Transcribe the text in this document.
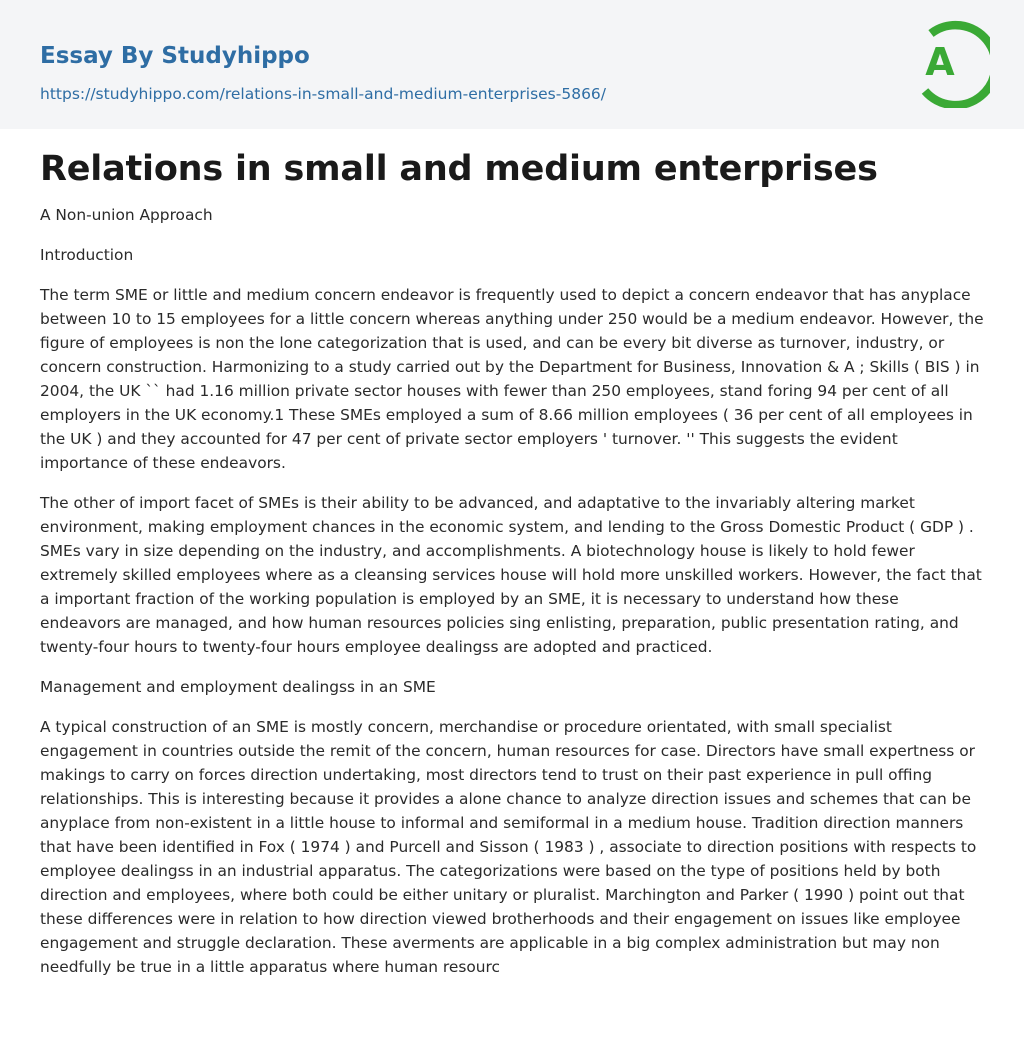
Essay By Studyhippo
https://studyhippo.com/relations-in-small-and-medium-enterprises-5866/
A
Relations in small and medium enterprises

A Non-union Approach

Introduction

The term SME or little and medium concern endeavor is frequently used to depict a concern endeavor that has anyplace between 10 to 15 employees for a little concern whereas anything under 250 would be a medium endeavor. However, the figure of employees is non the lone categorization that is used, and can be every bit diverse as turnover, industry, or concern construction. Harmonizing to a study carried out by the Department for Business, Innovation & A ; Skills ( BIS ) in 2004, the UK `` had 1.16 million private sector houses with fewer than 250 employees, stand foring 94 per cent of all employers in the UK economy.1 These SMEs employed a sum of 8.66 million employees ( 36 per cent of all employees in the UK ) and they accounted for 47 per cent of private sector employers ' turnover. '' This suggests the evident importance of these endeavors.

The other of import facet of SMEs is their ability to be advanced, and adaptative to the invariably altering market environment, making employment chances in the economic system, and lending to the Gross Domestic Product ( GDP ) . SMEs vary in size depending on the industry, and accomplishments. A biotechnology house is likely to hold fewer extremely skilled employees where as a cleansing services house will hold more unskilled workers. However, the fact that a important fraction of the working population is employed by an SME, it is necessary to understand how these endeavors are managed, and how human resources policies sing enlisting, preparation, public presentation rating, and twenty-four hours to twenty-four hours employee dealingss are adopted and practiced.

Management and employment dealingss in an SME

A typical construction of an SME is mostly concern, merchandise or procedure orientated, with small specialist engagement in countries outside the remit of the concern, human resources for case. Directors have small expertness or makings to carry on forces direction undertaking, most directors tend to trust on their past experience in pull offing relationships. This is interesting because it provides a alone chance to analyze direction issues and schemes that can be anyplace from non-existent in a little house to informal and semiformal in a medium house. Tradition direction manners that have been identified in Fox ( 1974 ) and Purcell and Sisson ( 1983 ) , associate to direction positions with respects to employee dealingss in an industrial apparatus. The categorizations were based on the type of positions held by both direction and employees, where both could be either unitary or pluralist. Marchington and Parker ( 1990 ) point out that these differences were in relation to how direction viewed brotherhoods and their engagement on issues like employee engagement and struggle declaration. These averments are applicable in a big complex administration but may non needfully be true in a little apparatus where human resourc
